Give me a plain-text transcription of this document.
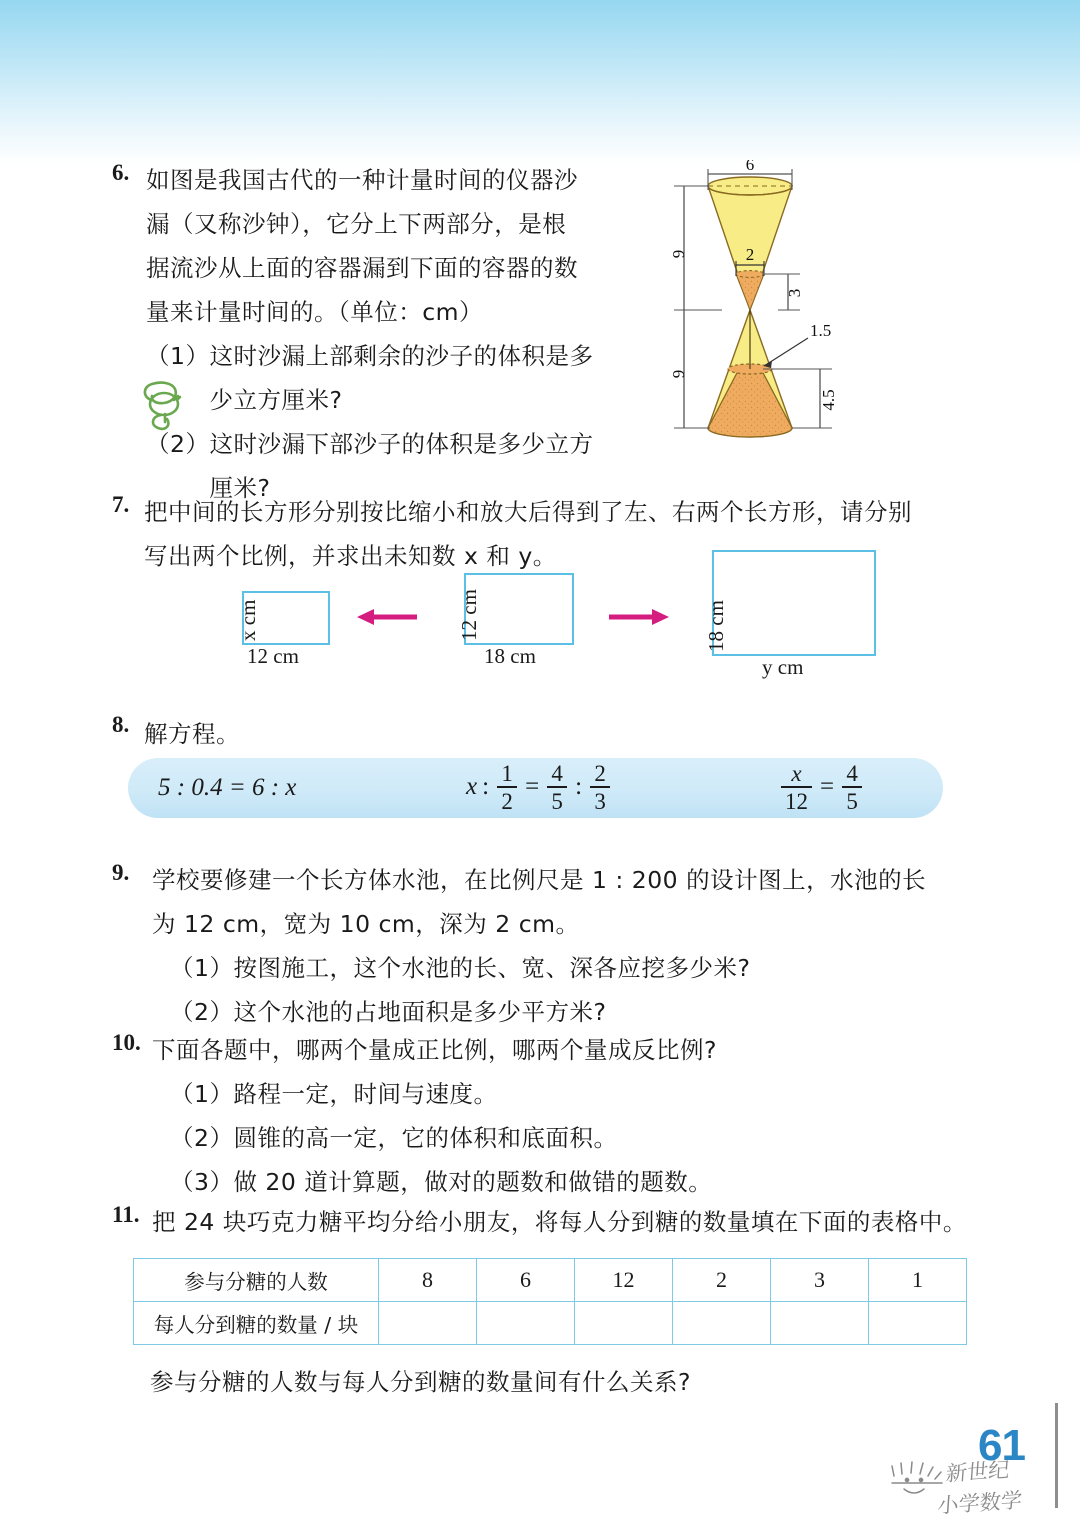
6. 如图是我国古代的一种计量时间的仪器沙
漏（又称沙钟），它分上下两部分，是根
据流沙从上面的容器漏到下面的容器的数
量来计量时间的。（单位：cm）
（1） 这时沙漏上部剩余的沙子的体积是多
少立方厘米?
（2） 这时沙漏下部沙子的体积是多少立方
厘米?
6
9	2
3
9
1.5
4.5
7. 把中间的长方形分别按比缩小和放大后得到了左、右两个长方形，请分别
写出两个比例，并求出未知数 x 和 y。
x cm
12 cm
12 cm
18 cm
18 cm
y cm
8. 解方程。
5 : 0.4 = 6 : x	x : $\frac{1}{2} = \frac{4}{5}$ : $\frac{2}{3}$	$\frac{x}{12} = \frac{4}{5}$
9. 学校要修建一个长方体水池，在比例尺是 1 : 200 的设计图上，水池的长
为 12 cm，宽为 10 cm，深为 2 cm。
（1）按图施工，这个水池的长、宽、深各应挖多少米?
（2）这个水池的占地面积是多少平方米?
10. 下面各题中，哪两个量成正比例，哪两个量成反比例?
（1）路程一定，时间与速度。
（2）圆锥的高一定，它的体积和底面积。
（3）做 20 道计算题，做对的题数和做错的题数。
11. 把 24 块巧克力糖平均分给小朋友，将每人分到糖的数量填在下面的表格中。
参与分糖的人数	8	6	12	2	3	1
每人分到糖的数量 / 块						
参与分糖的人数与每人分到糖的数量间有什么关系?
61
新世纪
小学数学
